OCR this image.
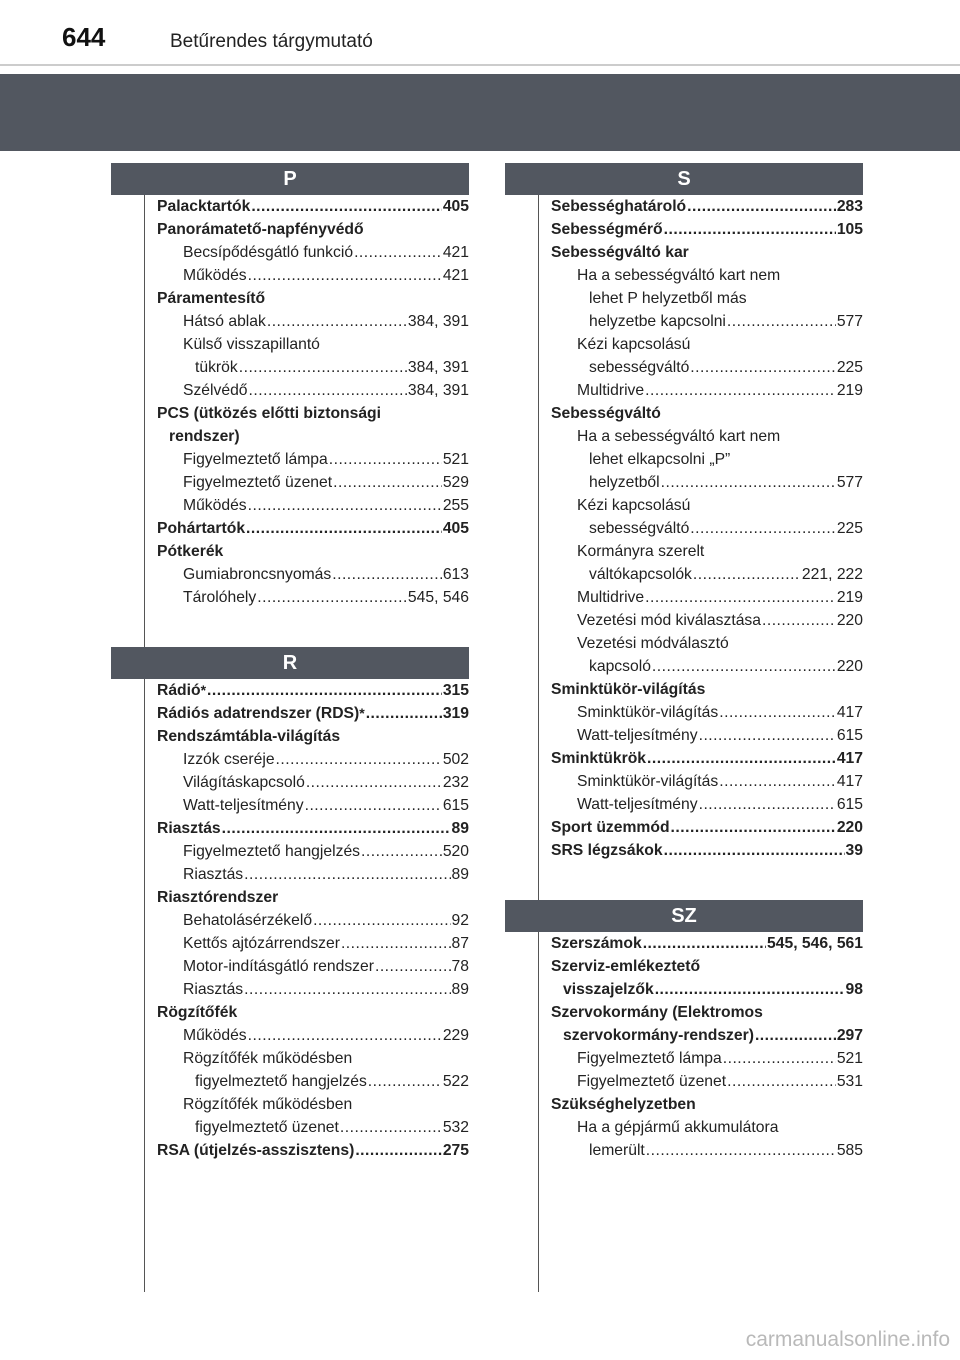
644	Betűrendes tárgymutató
P
Palacktartók .....	405
Panorámatető-napfényvédő
Becsípődésgátló funkció .....	421
Működés .....	421
Páramentesítő
Hátsó ablak .....	384, 391
Külső visszapillantó
tükrök .....	384, 391
Szélvédő .....	384, 391
PCS (ütközés előtti biztonsági
rendszer)
Figyelmeztető lámpa .....	521
Figyelmeztető üzenet .....	529
Működés .....	255
Pohártartók .....	405
Pótkerék
Gumiabroncsnyomás .....	613
Tárolóhely .....	545, 546
R
Rádió * .....	315
Rádiós adatrendszer (RDS) * .....	319
Rendszámtábla-világítás
Izzók cseréje .....	502
Világításkapcsoló .....	232
Watt-teljesítmény .....	615
Riasztás .....	89
Figyelmeztető hangjelzés .....	520
Riasztás .....	89
Riasztórendszer
Behatolásérzékelő .....	92
Kettős ajtózárrendszer .....	87
Motor-indításgátló rendszer .....	78
Riasztás .....	89
Rögzítőfék
Működés .....	229
Rögzítőfék működésben
figyelmeztető hangjelzés .....	522
Rögzítőfék működésben
figyelmeztető üzenet .....	532
RSA (útjelzés-asszisztens) .....	275
S
Sebességhatároló .....	283
Sebességmérő .....	105
Sebességváltó kar
Ha a sebességváltó kart nem
lehet P helyzetből más
helyzetbe kapcsolni .....	577
Kézi kapcsolású
sebességváltó .....	225
Multidrive .....	219
Sebességváltó
Ha a sebességváltó kart nem
lehet elkapcsolni „P”
helyzetből .....	577
Kézi kapcsolású
sebességváltó .....	225
Kormányra szerelt
váltókapcsolók .....	221, 222
Multidrive .....	219
Vezetési mód kiválasztása .....	220
Vezetési módválasztó
kapcsoló .....	220
Sminktükör-világítás
Sminktükör-világítás .....	417
Watt-teljesítmény .....	615
Sminktükrök .....	417
Sminktükör-világítás .....	417
Watt-teljesítmény .....	615
Sport üzemmód .....	220
SRS légzsákok .....	39
SZ
Szerszámok .....	545, 546, 561
Szerviz-emlékeztető
visszajelzők .....	98
Szervokormány (Elektromos
szervokormány-rendszer) .....	297
Figyelmeztető lámpa .....	521
Figyelmeztető üzenet .....	531
Szükséghelyzetben
Ha a gépjármű akkumulátora
lemerült .....	585
carmanualsonline.info
